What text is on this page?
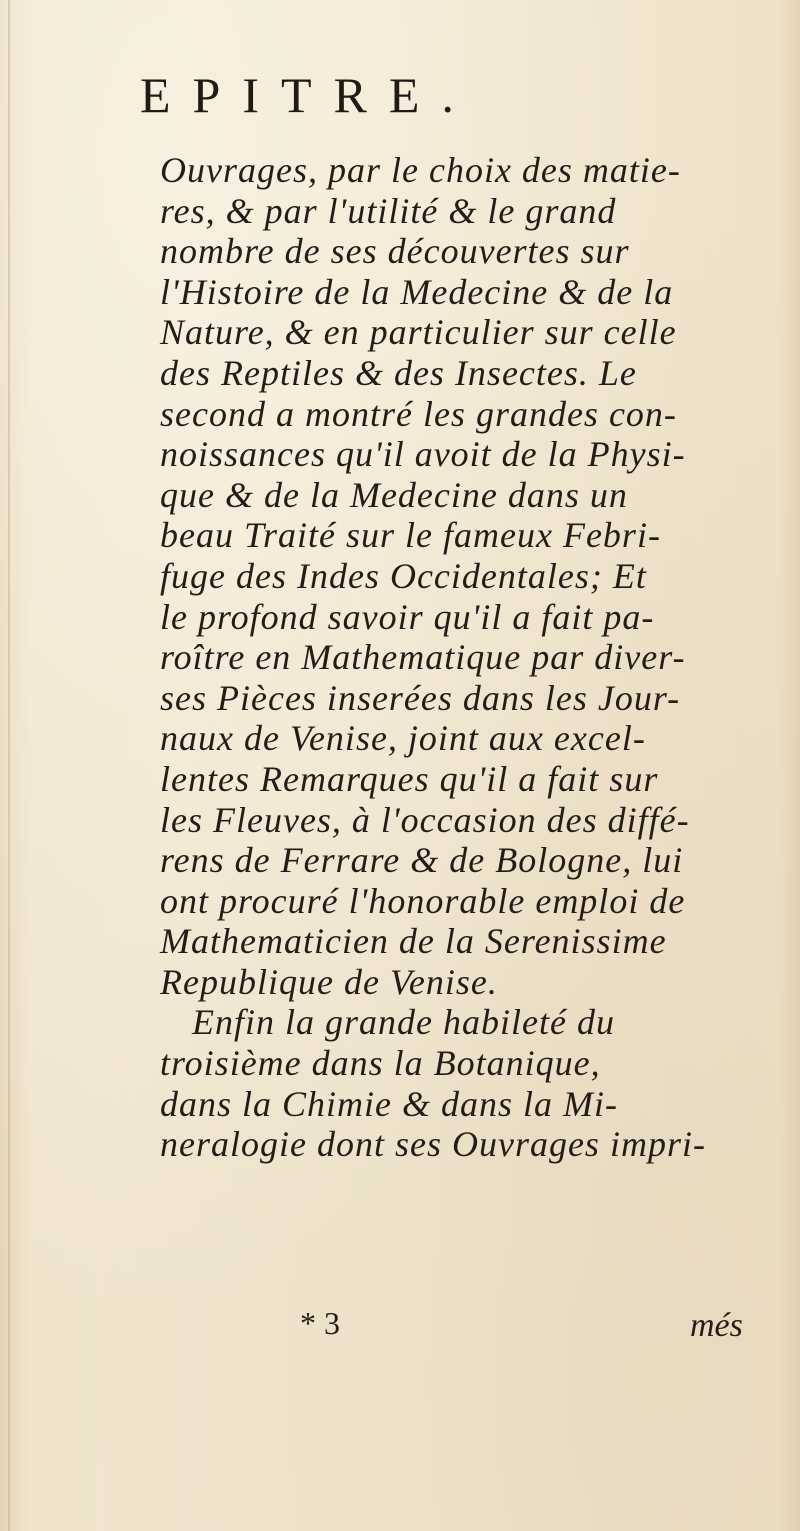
EPITRE.
Ouvrages, par le choix des matie-
res, & par l'utilité & le grand
nombre de ses découvertes sur
l'Histoire de la Medecine & de la
Nature, & en particulier sur celle
des Reptiles & des Insectes. Le
second a montré les grandes con-
noissances qu'il avoit de la Physi-
que & de la Medecine dans un
beau Traité sur le fameux Febri-
fuge des Indes Occidentales; Et
le profond savoir qu'il a fait pa-
roître en Mathematique par diver-
ses Pièces inserées dans les Jour-
naux de Venise, joint aux excel-
lentes Remarques qu'il a fait sur
les Fleuves, à l'occasion des diffé-
rens de Ferrare & de Bologne, lui
ont procuré l'honorable emploi de
Mathematicien de la Serenissime
Republique de Venise.
Enfin la grande habileté du
troisième dans la Botanique,
dans la Chimie & dans la Mi-
neralogie dont ses Ouvrages impri-
* 3	més
